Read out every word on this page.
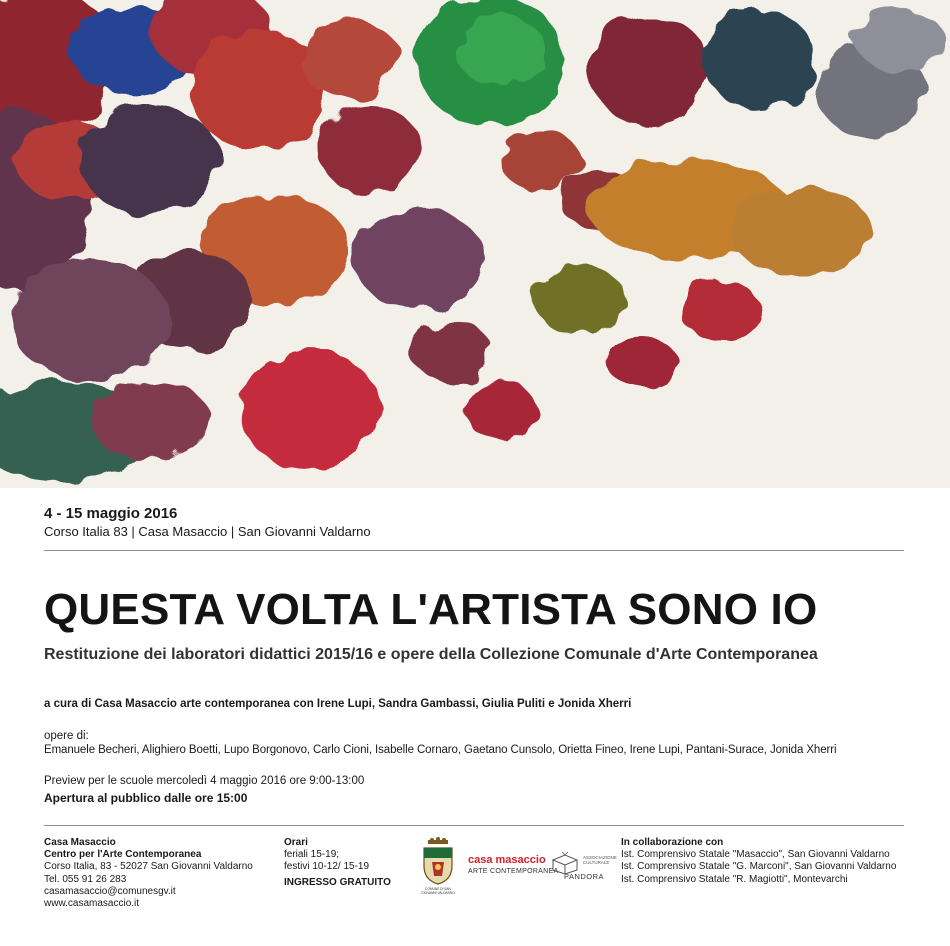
4 - 15 maggio 2016
Corso Italia 83 | Casa Masaccio | San Giovanni Valdarno
QUESTA VOLTA L'ARTISTA SONO IO
Restituzione dei laboratori didattici 2015/16 e opere della Collezione Comunale d'Arte Contemporanea
a cura di Casa Masaccio arte contemporanea con Irene Lupi, Sandra Gambassi, Giulia Puliti e Jonida Xherri
opere di:
Emanuele Becheri, Alighiero Boetti, Lupo Borgonovo, Carlo Cioni, Isabelle Cornaro, Gaetano Cunsolo, Orietta Fineo, Irene Lupi, Pantani-Surace, Jonida Xherri
Preview per le scuole mercoledì 4 maggio 2016 ore 9:00-13:00
Apertura al pubblico dalle ore 15:00
Casa Masaccio
Centro per l'Arte Contemporanea
Corso Italia, 83 - 52027 San Giovanni Valdarno
Tel. 055 91 26 283
casamasaccio@comunesgv.it
www.casamasaccio.it
Orari
feriali 15-19;
festivi 10-12/ 15-19
INGRESSO GRATUITO
COMUNE DI SAN GIOVANNI VALDARNO
casa masaccio
ARTE CONTEMPORANEA
ASSOCIAZIONE CULTURALE
PANDORA
In collaborazione con
Ist. Comprensivo Statale "Masaccio", San Giovanni Valdarno
Ist. Comprensivo Statale "G. Marconi", San Giovanni Valdarno
Ist. Comprensivo Statale "R. Magiotti", Montevarchi
